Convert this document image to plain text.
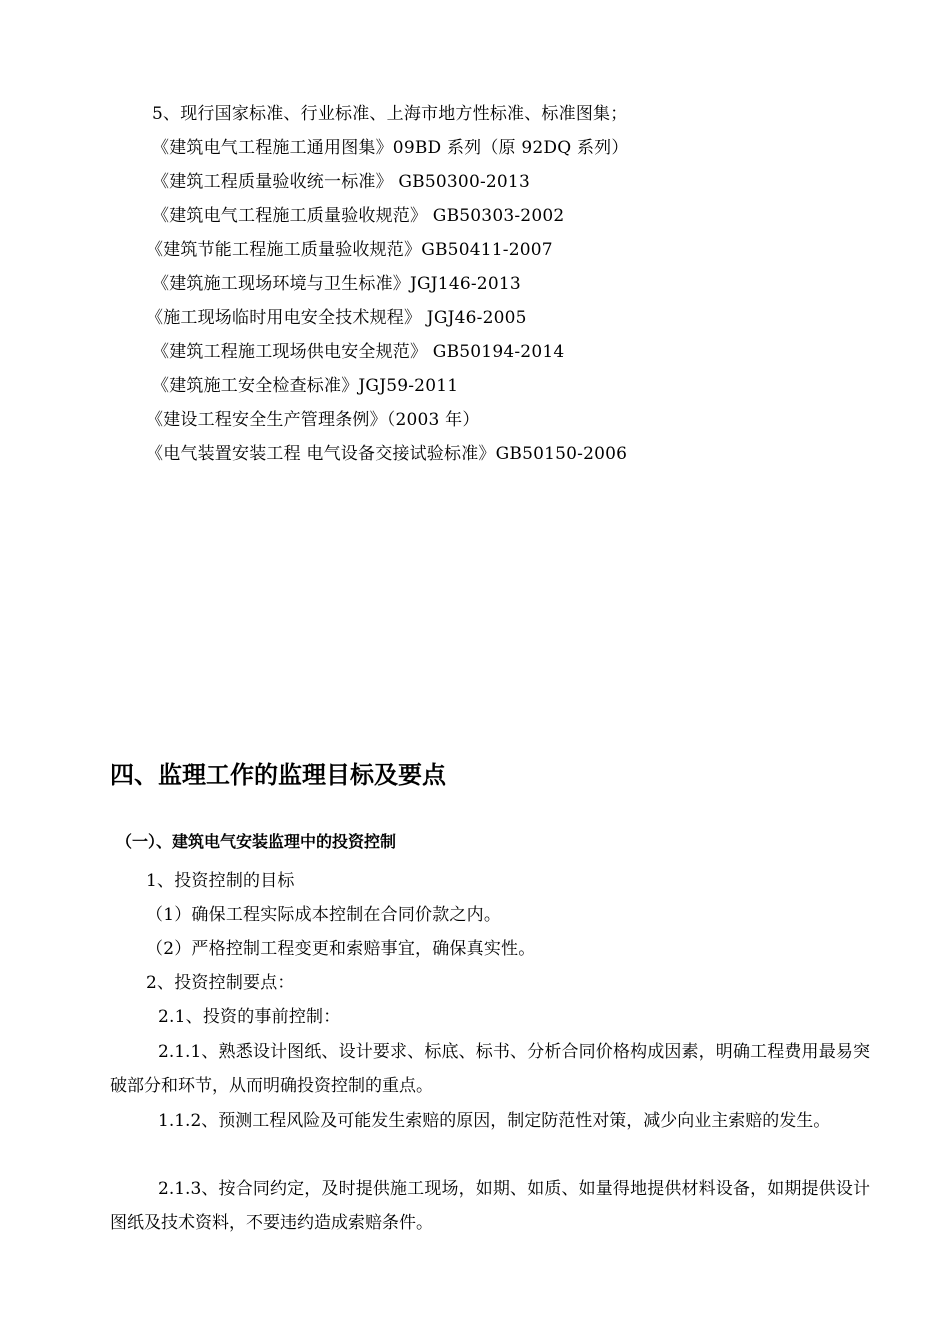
5、现行国家标准、行业标准、上海市地方性标准、标准图集；
《建筑电气工程施工通用图集》09BD 系列（原 92DQ 系列）
《建筑工程质量验收统一标准》 GB50300-2013
《建筑电气工程施工质量验收规范》 GB50303-2002
《建筑节能工程施工质量验收规范》GB50411-2007
《建筑施工现场环境与卫生标准》JGJ146-2013
《施工现场临时用电安全技术规程》 JGJ46-2005
《建筑工程施工现场供电安全规范》 GB50194-2014
《建筑施工安全检查标准》JGJ59-2011
《建设工程安全生产管理条例》（2003 年）
《电气装置安装工程 电气设备交接试验标准》GB50150-2006
四、监理工作的监理目标及要点
（一）、建筑电气安装监理中的投资控制
1、投资控制的目标
（1）确保工程实际成本控制在合同价款之内。
（2）严格控制工程变更和索赔事宜，确保真实性。
2、投资控制要点：
2.1、投资的事前控制：
2.1.1、熟悉设计图纸、设计要求、标底、标书、分析合同价格构成因素，明确工程费用最易突破部分和环节，从而明确投资控制的重点。
1.1.2、预测工程风险及可能发生索赔的原因，制定防范性对策，减少向业主索赔的发生。
2.1.3、按合同约定，及时提供施工现场，如期、如质、如量得地提供材料设备，如期提供设计图纸及技术资料，不要违约造成索赔条件。
